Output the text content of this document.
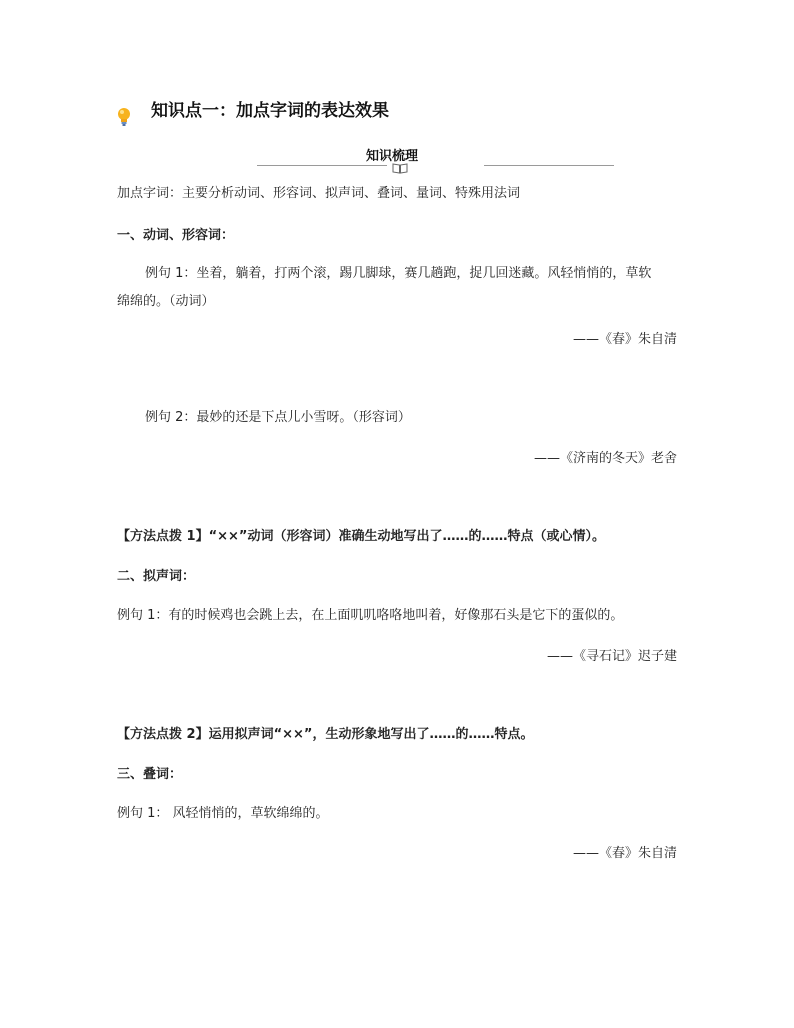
知识点一：加点字词的表达效果
知识梳理
加点字词：主要分析动词、形容词、拟声词、叠词、量词、特殊用法词
一、动词、形容词：
例句 1：坐着，躺着，打两个滚，踢几脚球，赛几趟跑，捉几回迷藏。风轻悄悄的，草软
绵绵的。（动词）
——《春》朱自清
例句 2：最妙的还是下点儿小雪呀。（形容词）
——《济南的冬天》老舍
【方法点拨 1】“××”动词（形容词）准确生动地写出了……的……特点（或心情）。
二、拟声词：
例句 1：有的时候鸡也会跳上去，在上面叽叽咯咯地叫着，好像那石头是它下的蛋似的。
——《寻石记》迟子建
【方法点拨 2】运用拟声词“××”，生动形象地写出了……的……特点。
三、叠词：
例句 1： 风轻悄悄的，草软绵绵的。
——《春》朱自清
